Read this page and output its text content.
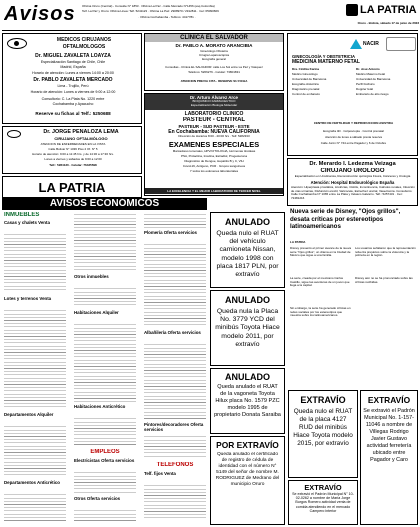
Avisos	Oficina Oruro (Central) - Consulte N° 1853 · Oficina La Paz - Calle Mercado N°1456 (esq.Colombia)
Telf. La Paz y Oruro: Oficina Linea: Telf. 5241123 · Oficina La Paz: 2908970 / 2912811 · Cel: 65090669
· Oficina Cochabamba - Telfono: 4417781 ·
LA PATRIA
Oruro - Bolivia, sábado 17 de junio de 2023
MÉDICOS CIRUJANOS
OFTALMÓLOGOS
Dr. MIGUEL ZAVALETA LOAYZA
Especialización Santiago de Chile, Chile
Madrid, España
Horario de atención: Lunes a viernes 14:00 a 20:00
Dr. PABLO ZAVALETA MERCADO
Lima - Trujillo, Perú
Horario de atención: Lunes a viernes de 9:00 a 12:00
Consultorio: C. La Plata No. 1220 entre
Cochabamba y Ayacucho
Reserve su fichas al Telf.: 5250688
Dr. JORGE PEÑALOZA LEMA
CIRUJANO OFTALMÓLOGO
ATENCIÓN DE ENFERMEDADES EN LA VISTA
Calle Bolivar N° 1036 Piso 2 Of. Nº 5
Horario de atención: 9:00 a 11:45 hrs. y de 14:30 a 17:30 hrs.
Lunes a viernes y sábados de 9:00 a 12:00
Telf.: 5284130 · Celular: 76435598
CLÍNICA EL SALVADOR
Dr. PABLO A. MORATO ARANCIBIA
Ginecólogo Obstetra
Cirugía Laparoscópica
Ecografía general
Consultas - Clínica EL SALVADOR: calle Los Sol entre La Paz y Vásquez
Teléfono: 5266276 - Celular: 73801831
ATENCIÓN PREVIA CITA · RESERVE SU FICHA
Dr. Arturo Álvarez Arce
BIOQUÍMICO FARMACÉUTICO
Especialización Biología Molecular
LABORATORIO CLÍNICO
PASTEUR - CENTRAL
PASTEUR - SUD PASTEUR - ESTE
En Cochabamba: NUEVA CALIFORNIA
Dirección de Horarios 8:00 - 20:00 hrs · Telf. 5282333
EXAMENES ESPECIALES
Marcadores tumorales, HPV/CITOLOGÍA, Hormonas tiroideas
PSA, Prolactina, Insulina, Estradiol, Progesterona
Diagnóstico de Dengue, Hepatitis B y C, VIH
Covid-19, Antígeno, PCR · Grupos sanguíneos
Y todos los exámenes laboratoriales
LA EXCELENCIA Y EL MEJOR LABORATORIO DE TERCER NIVEL
LA PATRIA
NACIR
GINECOLOGÍA Y OBSTETRICIA
MEDICINA MATERNO FETAL
Dra. Cinthia Karina
Médico Ginecólogo
Universidad de Barcelona
Ecografía obstétrica
Diagnóstico prenatal
Control de embarazo
Dr. José Antonio
Médico Materno Fetal
Universidad de Barcelona
Perfil biofísico
Doppler fetal
Embarazo de alto riesgo
CENTRO DE FERTILIDAD Y REPRODUCCIÓN ASISTIDA
Ecografía 4D · Colposcopia · Control prenatal
Atención de lunes a sábado previa reserva
Calle Junín N° 744 entre Pagador y 6 de Octubre
Dr. Merardo I. Ledezma Veizaga
CIRUJANO UROLÓGO
Especialización en Urodinamia, Reconstrucción quirúrgica Fisura, Cánceres y Urología
Atención: Hospital Endourológico España
Atención: Hiperplasia prostática, Litotricias, Cistitis, Incontinencia, Cálculos renales, Infección de vías urinarias, Disfunción eréctil, Varicocele, Estrechez uretral, Vasectomía. Consultorio: Calle Cochabamba N° 1065 entre La Plata y Velasco Galvarro. Telf.: 5257431 · Cel.: 72481216
AVISOS ECONÓMICOS
INMUEBLES
Casas y chalets Venta
Lotes y terrenos Venta
Departamentos Alquiler
Departamentos Anticrético
Otros inmuebles
Habitaciones Alquiler
Habitaciones Anticrético
EMPLEOS
Electricistas Oferta servicios
Otros Oferta servicios
Plomería Oferta servicios
Albañilería Oferta servicios
Pintores/decoradores Oferta servicios
TELÉFONOS
Telf. fijos Venta
ANULADO
Queda nulo el RUAT del vehículo camioneta Nissan, modelo 1998 con placa 1817 PLN, por extravío
ANULADO
Queda nula la Placa No. 3779 YCD del minibús Toyota Hiace modelo 2011, por extravío
ANULADO
Queda anulado el RUAT de la vagoneta Toyota Hilux placa No. 1579 PZC modelo 1995 de propietario Donata Saraiba
POR EXTRAVÍO
Queda anulado el certificado de registro de cédula de identidad con el número N° 5149 del señor de nombre M. RODRIGUEZ de Medrano del municipio Oruro
Nueva serie de Disney, "Ojos grillos", desata críticas por estereotipos latinoamericanos
LA PATRIA
Disney presentó el primer avance de la nueva serie "Ojos grillos", un drama en la Ciudad de México que sigue a una familia.
La serie, creada por el mexicano Carlos Castillo, sigue las aventuras de un joven que llega a la capital.
Sin embargo, la serie ha generado críticas en redes sociales por los estereotipos que muestra sobre los latinoamericanos.
Los usuarios señalaron que la representación refuerza prejuicios sobre la violencia y la pobreza en la región.
Disney aún no se ha pronunciado sobre las críticas recibidas.
EXTRAVÍO
Queda nulo el RUAT de la placa 4127 RUD del minibús Hiace Toyota modelo 2015, por extravío
EXTRAVÍO
Se extravió el Padrón Municipal N° 10-02-0262 a nombre de María Jorge Burgos Romero actividad venta de comida atendiendo en el mercado Campero interior
EXTRAVÍO
Se extravió el Padrón Municipal No. 1-157-11046 a nombre de Villegas Rodrigo Javier Gustavo actividad ferretería ubicado entre Pagador y Caro
